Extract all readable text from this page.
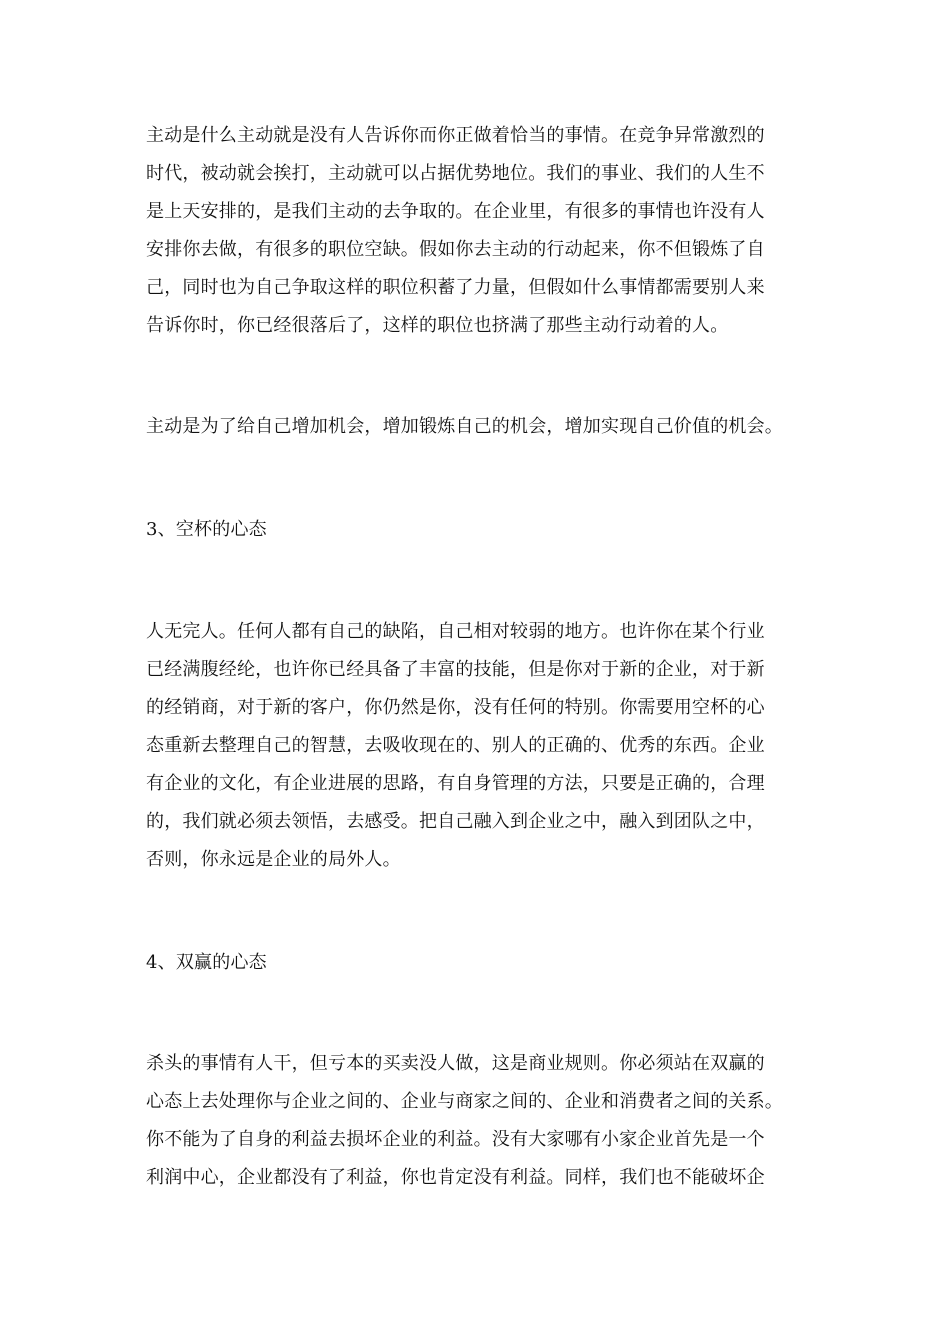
主动是什么主动就是没有人告诉你而你正做着恰当的事情。在竞争异常激烈的
时代，被动就会挨打，主动就可以占据优势地位。我们的事业、我们的人生不
是上天安排的，是我们主动的去争取的。在企业里，有很多的事情也许没有人
安排你去做，有很多的职位空缺。假如你去主动的行动起来，你不但锻炼了自
己，同时也为自己争取这样的职位积蓄了力量，但假如什么事情都需要别人来
告诉你时，你已经很落后了，这样的职位也挤满了那些主动行动着的人。
主动是为了给自己增加机会，增加锻炼自己的机会，增加实现自己价值的机会。
3、空杯的心态
人无完人。任何人都有自己的缺陷，自己相对较弱的地方。也许你在某个行业
已经满腹经纶，也许你已经具备了丰富的技能，但是你对于新的企业，对于新
的经销商，对于新的客户，你仍然是你，没有任何的特别。你需要用空杯的心
态重新去整理自己的智慧，去吸收现在的、别人的正确的、优秀的东西。企业
有企业的文化，有企业进展的思路，有自身管理的方法，只要是正确的，合理
的，我们就必须去领悟，去感受。把自己融入到企业之中，融入到团队之中，
否则，你永远是企业的局外人。
4、双赢的心态
杀头的事情有人干，但亏本的买卖没人做，这是商业规则。你必须站在双赢的
心态上去处理你与企业之间的、企业与商家之间的、企业和消费者之间的关系。
你不能为了自身的利益去损坏企业的利益。没有大家哪有小家企业首先是一个
利润中心，企业都没有了利益，你也肯定没有利益。同样，我们也不能破坏企
